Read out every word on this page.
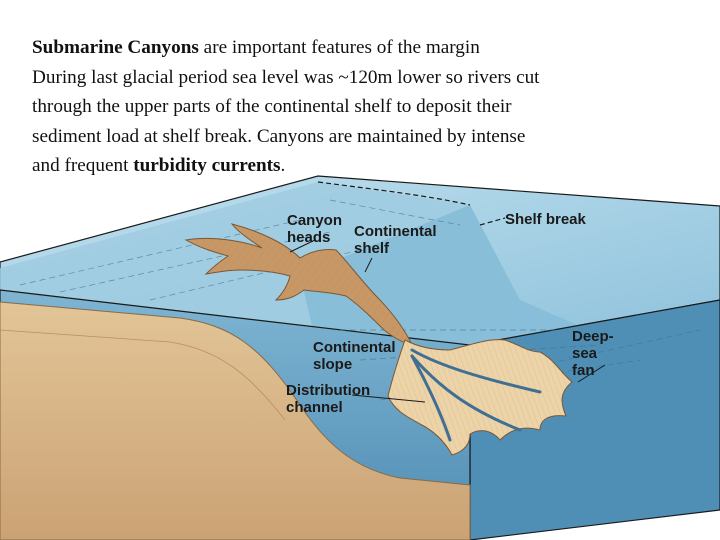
Submarine Canyons are important features of the margin
During last glacial period sea level was ~120m lower so rivers cut
through the upper parts of the continental shelf to deposit their
sediment load at shelf break. Canyons are maintained by intense
and frequent turbidity currents.
Canyon
heads Continental
shelf
Shelf break
Deep-
sea
fan
Continental
slope
Distribution
channel
